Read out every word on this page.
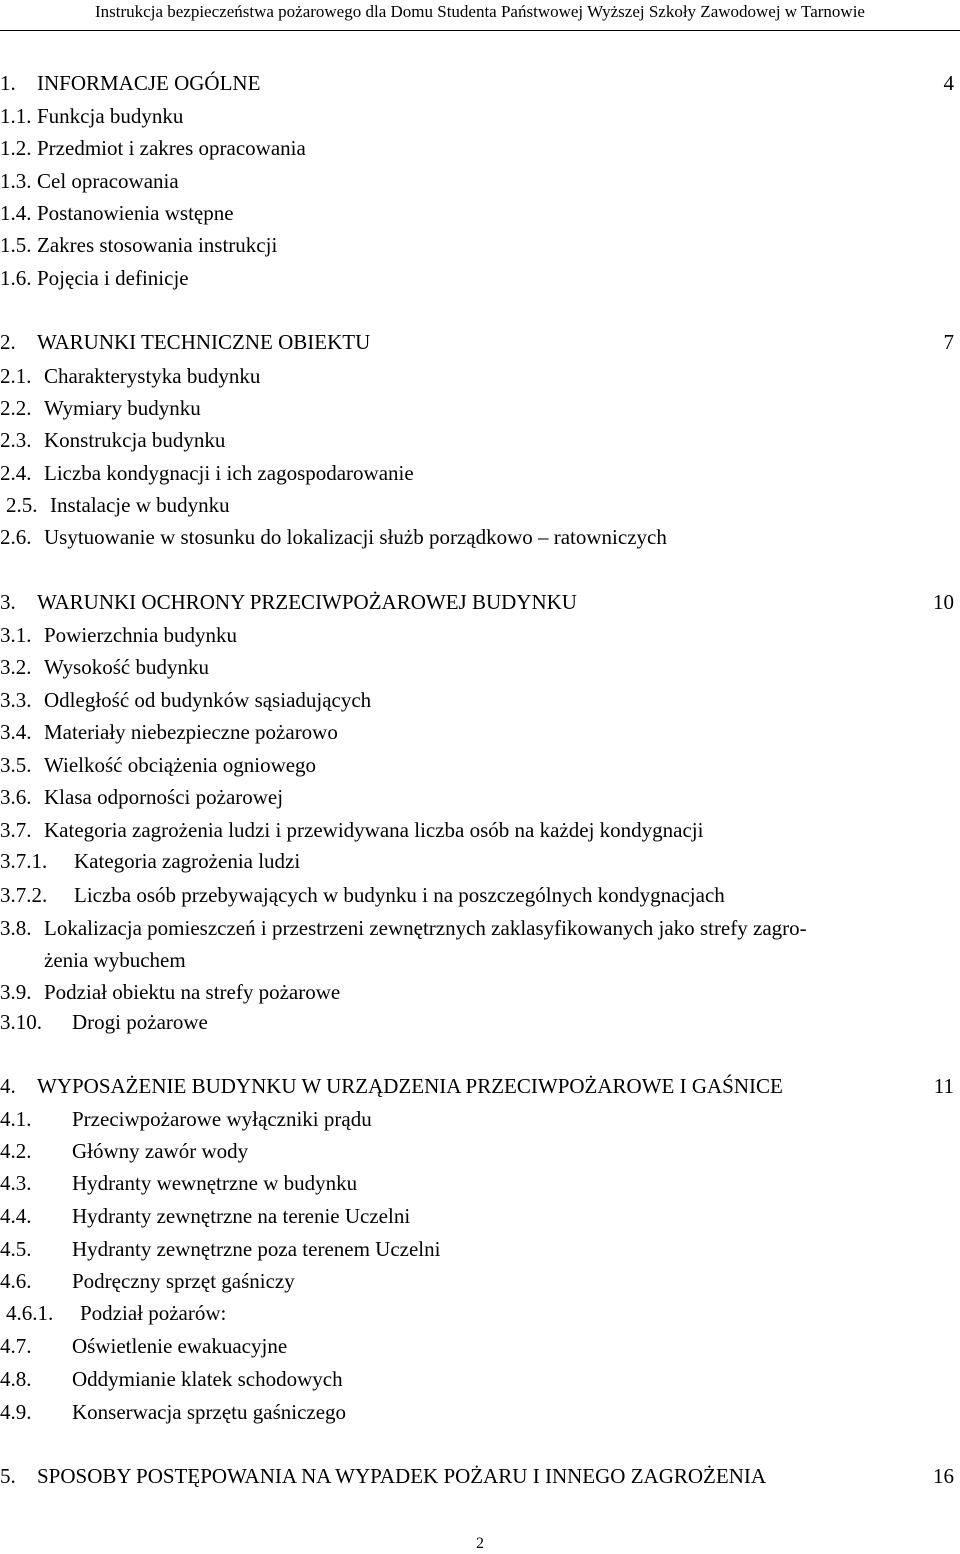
Instrukcja bezpieczeństwa pożarowego dla Domu Studenta Państwowej Wyższej Szkoły Zawodowej w Tarnowie
1. INFORMACJE OGÓLNE	4
1.1. Funkcja budynku
1.2. Przedmiot i zakres opracowania
1.3. Cel opracowania
1.4. Postanowienia wstępne
1.5. Zakres stosowania instrukcji
1.6. Pojęcia i definicje
2. WARUNKI TECHNICZNE OBIEKTU	7
2.1. Charakterystyka budynku
2.2. Wymiary budynku
2.3. Konstrukcja budynku
2.4. Liczba kondygnacji i ich zagospodarowanie
2.5. Instalacje w budynku
2.6. Usytuowanie w stosunku do lokalizacji służb porządkowo – ratowniczych
3. WARUNKI OCHRONY PRZECIWPOŻAROWEJ BUDYNKU	10
3.1. Powierzchnia budynku
3.2. Wysokość budynku
3.3. Odległość od budynków sąsiadujących
3.4. Materiały niebezpieczne pożarowo
3.5. Wielkość obciążenia ogniowego
3.6. Klasa odporności pożarowej
3.7. Kategoria zagrożenia ludzi i przewidywana liczba osób na każdej kondygnacji
3.7.1. Kategoria zagrożenia ludzi
3.7.2. Liczba osób przebywających w budynku i na poszczególnych kondygnacjach
3.8. Lokalizacja pomieszczeń i przestrzeni zewnętrznych zaklasyfikowanych jako strefy zagro-
żenia wybuchem
3.9. Podział obiektu na strefy pożarowe
3.10. Drogi pożarowe
4. WYPOSAŻENIE BUDYNKU W URZĄDZENIA PRZECIWPOŻAROWE I GAŚNICE	11
4.1. Przeciwpożarowe wyłączniki prądu
4.2. Główny zawór wody
4.3. Hydranty wewnętrzne w budynku
4.4. Hydranty zewnętrzne na terenie Uczelni
4.5. Hydranty zewnętrzne poza terenem Uczelni
4.6. Podręczny sprzęt gaśniczy
4.6.1. Podział pożarów:
4.7. Oświetlenie ewakuacyjne
4.8. Oddymianie klatek schodowych
4.9. Konserwacja sprzętu gaśniczego
5. SPOSOBY POSTĘPOWANIA NA WYPADEK POŻARU I INNEGO ZAGROŻENIA	16
2
